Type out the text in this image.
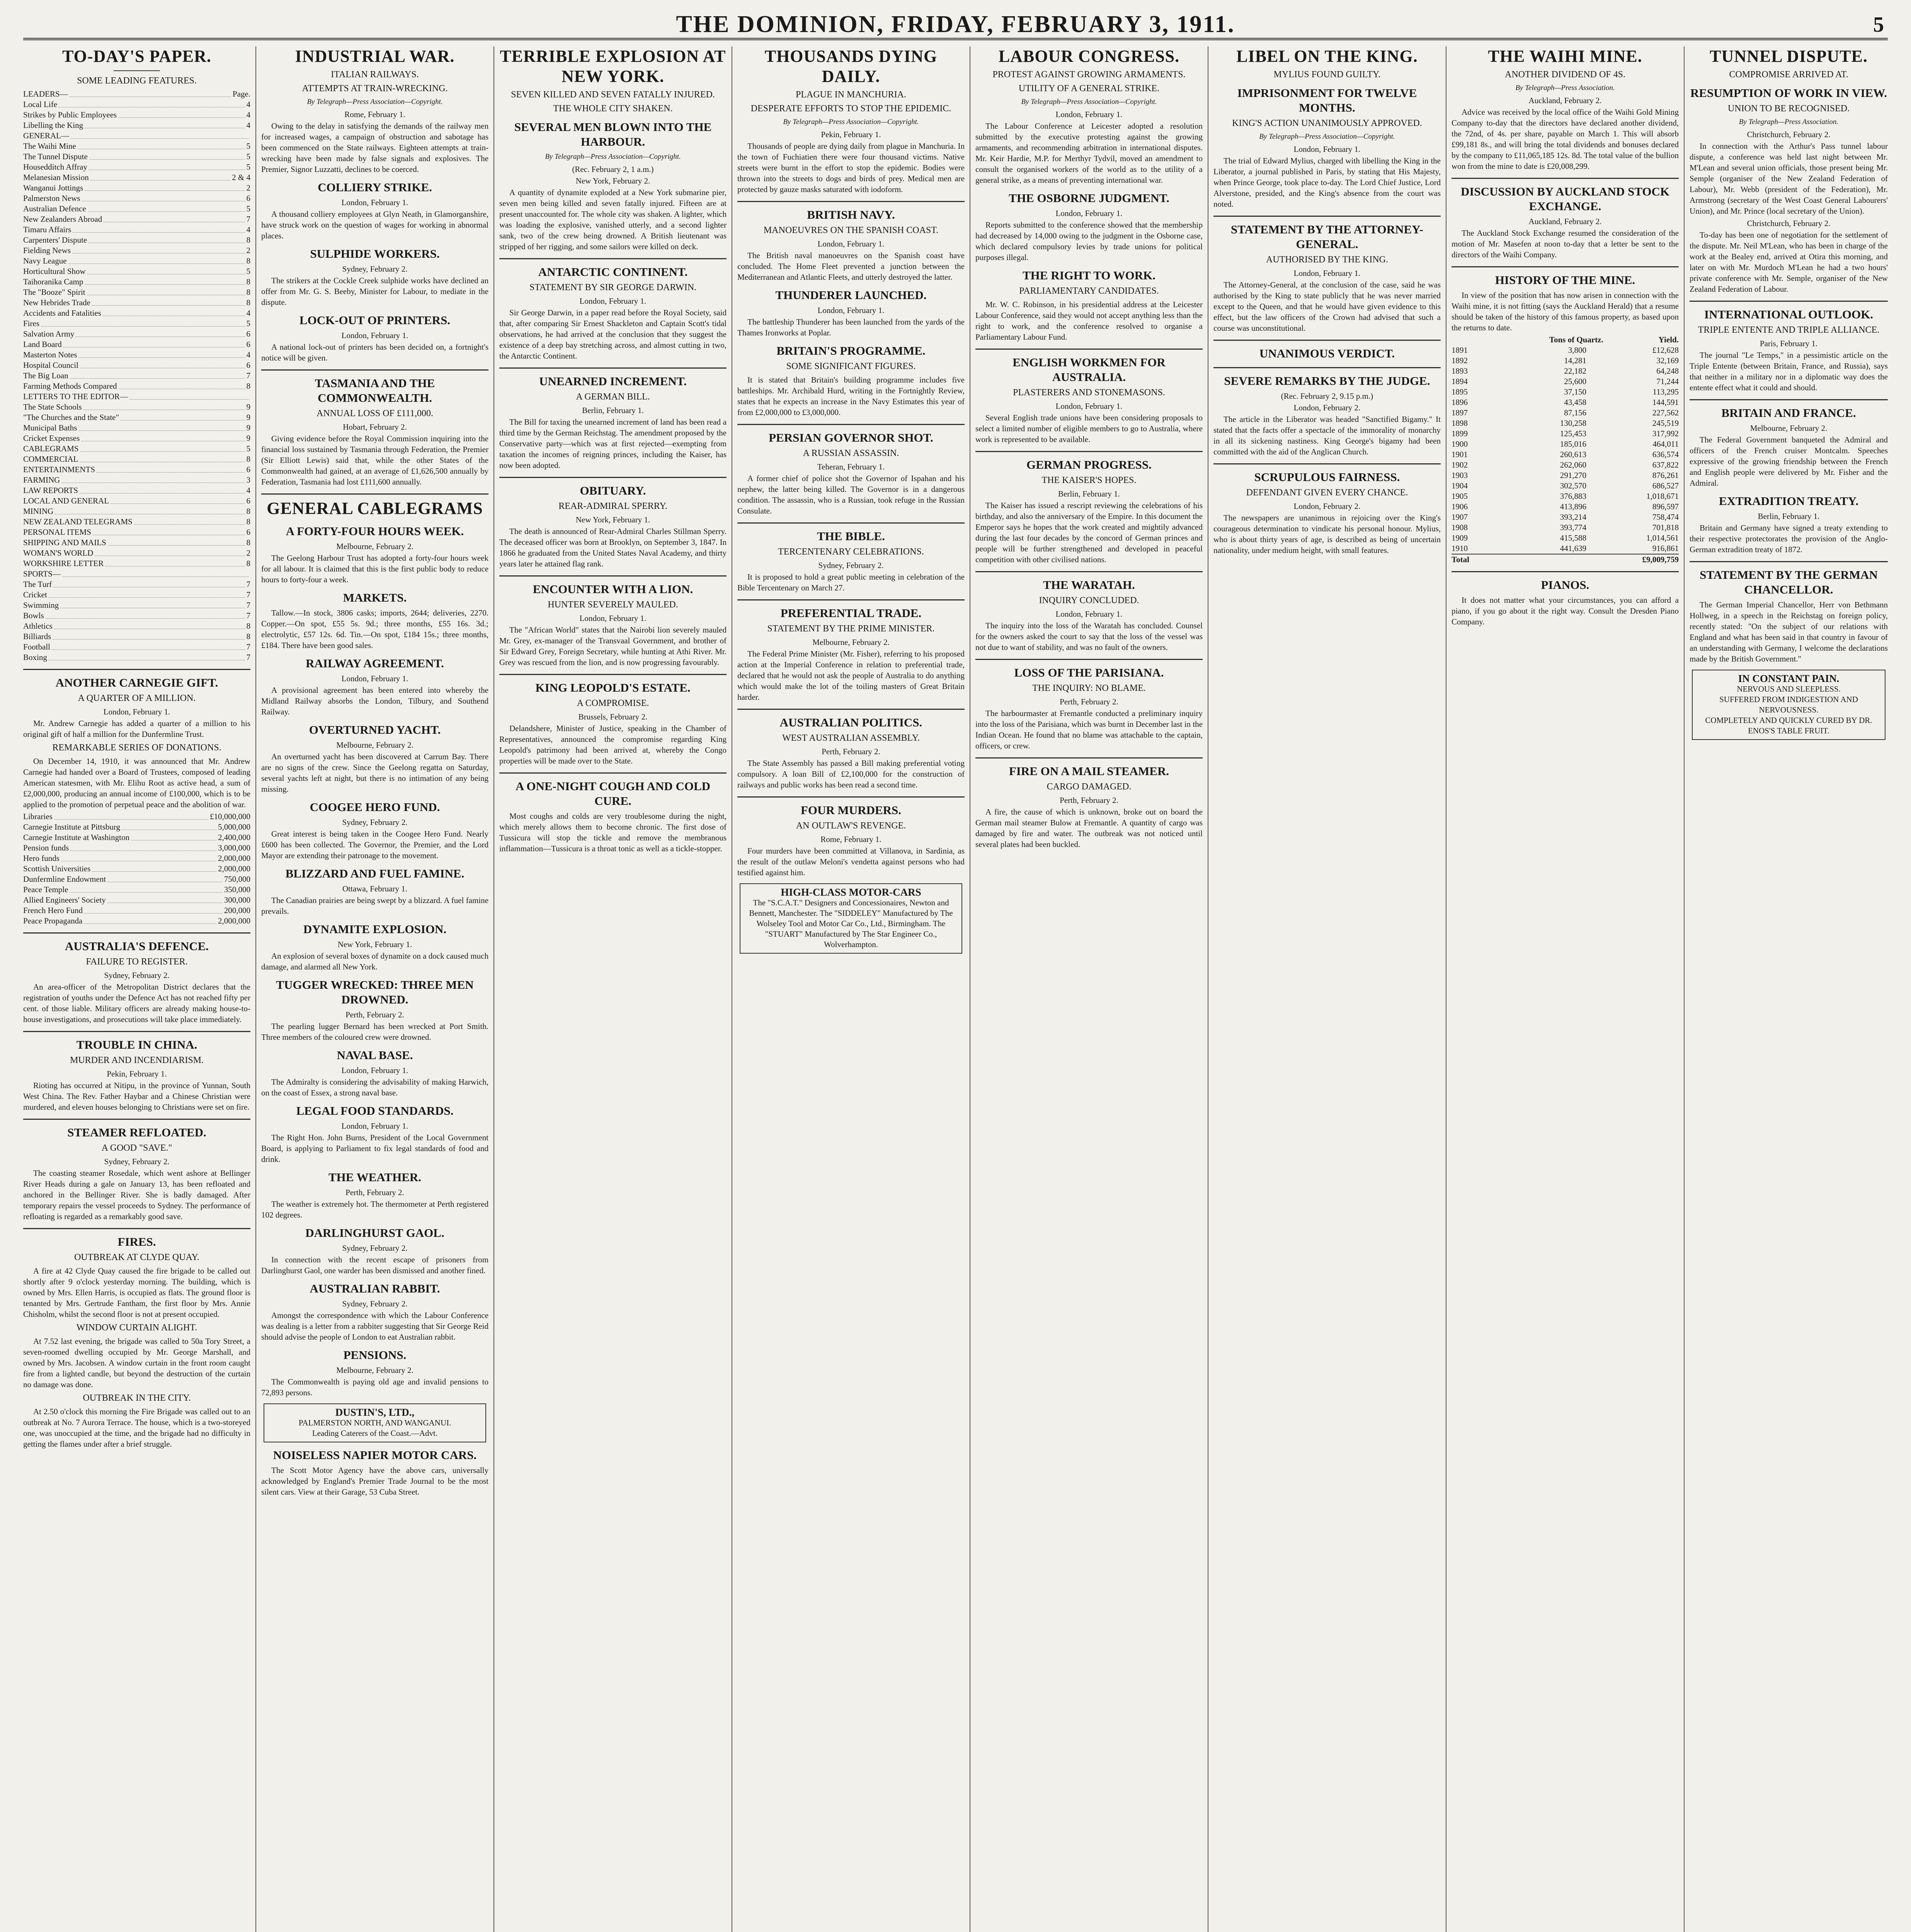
THE DOMINION, FRIDAY, FEBRUARY 3, 1911.	5
TO-DAY'S PAPER.
SOME LEADING FEATURES.
LEADERS—	Page.
Local Life	4
Strikes by Public Employees	4
Libelling the King	4
GENERAL—
The Waihi Mine	5
The Tunnel Dispute	5
Housedditch Affray	5
Melanesian Mission	2 & 4
Wanganui Jottings	2
Palmerston News	6
Australian Defence	5
New Zealanders Abroad	7
Timaru Affairs	4
Carpenters' Dispute	8
Fielding News	2
Navy League	8
Horticultural Show	5
Taihoranika Camp	8
The "Booze" Spirit	8
New Hebrides Trade	8
Accidents and Fatalities	4
Fires	5
Salvation Army	6
Land Board	6
Masterton Notes	4
Hospital Council	6
The Big Loan	7
Farming Methods Compared	8
LETTERS TO THE EDITOR—
The State Schools	9
"The Churches and the State"	9
Municipal Baths	9
Cricket Expenses	9
CABLEGRAMS	5
COMMERCIAL	8
ENTERTAINMENTS	6
FARMING	3
LAW REPORTS	4
LOCAL AND GENERAL	6
MINING	8
NEW ZEALAND TELEGRAMS	8
PERSONAL ITEMS	6
SHIPPING AND MAILS	8
WOMAN'S WORLD	2
WORKSHIRE LETTER	8
SPORTS—
The Turf	7
Cricket	7
Swimming	7
Bowls	7
Athletics	8
Billiards	8
Football	7
Boxing	7
ANOTHER CARNEGIE GIFT.
A QUARTER OF A MILLION.
London, February 1.
Mr. Andrew Carnegie has added a quarter of a million to his original gift of half a million for the Dunfermline Trust.
REMARKABLE SERIES OF DONATIONS.
On December 14, 1910, it was announced that Mr. Andrew Carnegie had handed over a Board of Trustees, composed of leading American statesmen, with Mr. Elihu Root as active head, a sum of £2,000,000, producing an annual income of £100,000, which is to be applied to the promotion of perpetual peace and the abolition of war.
Libraries	£10,000,000
Carnegie Institute at Pittsburg	5,000,000
Carnegie Institute at Washington	2,400,000
Pension funds	3,000,000
Hero funds	2,000,000
Scottish Universities	2,000,000
Dunfermline Endowment	750,000
Peace Temple	350,000
Allied Engineers' Society	300,000
French Hero Fund	200,000
Peace Propaganda	2,000,000
AUSTRALIA'S DEFENCE.
FAILURE TO REGISTER.
Sydney, February 2.
An area-officer of the Metropolitan District declares that the registration of youths under the Defence Act has not reached fifty per cent. of those liable. Military officers are already making house-to-house investigations, and prosecutions will take place immediately.
TROUBLE IN CHINA.
MURDER AND INCENDIARISM.
Pekin, February 1.
Rioting has occurred at Nitipu, in the province of Yunnan, South West China. The Rev. Father Haybar and a Chinese Christian were murdered, and eleven houses belonging to Christians were set on fire.
STEAMER REFLOATED.
A GOOD "SAVE."
Sydney, February 2.
The coasting steamer Rosedale, which went ashore at Bellinger River Heads during a gale on January 13, has been refloated and anchored in the Bellinger River. She is badly damaged. After temporary repairs the vessel proceeds to Sydney. The performance of refloating is regarded as a remarkably good save.
FIRES.
OUTBREAK AT CLYDE QUAY.
A fire at 42 Clyde Quay caused the fire brigade to be called out shortly after 9 o'clock yesterday morning. The building, which is owned by Mrs. Ellen Harris, is occupied as flats. The ground floor is tenanted by Mrs. Gertrude Fantham, the first floor by Mrs. Annie Chisholm, whilst the second floor is not at present occupied.
WINDOW CURTAIN ALIGHT.
At 7.52 last evening, the brigade was called to 50a Tory Street, a seven-roomed dwelling occupied by Mr. George Marshall, and owned by Mrs. Jacobsen. A window curtain in the front room caught fire from a lighted candle, but beyond the destruction of the curtain no damage was done.
OUTBREAK IN THE CITY.
At 2.50 o'clock this morning the Fire Brigade was called out to an outbreak at No. 7 Aurora Terrace. The house, which is a two-storeyed one, was unoccupied at the time, and the brigade had no difficulty in getting the flames under after a brief struggle.
INDUSTRIAL WAR.
ITALIAN RAILWAYS.
ATTEMPTS AT TRAIN-WRECKING.
By Telegraph—Press Association—Copyright.
Rome, February 1.
Owing to the delay in satisfying the demands of the railway men for increased wages, a campaign of obstruction and sabotage has been commenced on the State railways. Eighteen attempts at train-wrecking have been made by false signals and explosives. The Premier, Signor Luzzatti, declines to be coerced.
COLLIERY STRIKE.
London, February 1.
A thousand colliery employees at Glyn Neath, in Glamorganshire, have struck work on the question of wages for working in abnormal places.
SULPHIDE WORKERS.
Sydney, February 2.
The strikers at the Cockle Creek sulphide works have declined an offer from Mr. G. S. Beeby, Minister for Labour, to mediate in the dispute.
LOCK-OUT OF PRINTERS.
London, February 1.
A national lock-out of printers has been decided on, a fortnight's notice will be given.
TASMANIA AND THE COMMONWEALTH.
ANNUAL LOSS OF £111,000.
Hobart, February 2.
Giving evidence before the Royal Commission inquiring into the financial loss sustained by Tasmania through Federation, the Premier (Sir Elliott Lewis) said that, while the other States of the Commonwealth had gained, at an average of £1,626,500 annually by Federation, Tasmania had lost £111,600 annually.
GENERAL CABLEGRAMS
A FORTY-FOUR HOURS WEEK.
Melbourne, February 2.
The Geelong Harbour Trust has adopted a forty-four hours week for all labour. It is claimed that this is the first public body to reduce hours to forty-four a week.
MARKETS.
Tallow.—In stock, 3806 casks; imports, 2644; deliveries, 2270. Copper.—On spot, £55 5s. 9d.; three months, £55 16s. 3d.; electrolytic, £57 12s. 6d. Tin.—On spot, £184 15s.; three months, £184. There have been good sales.
RAILWAY AGREEMENT.
London, February 1.
A provisional agreement has been entered into whereby the Midland Railway absorbs the London, Tilbury, and Southend Railway.
OVERTURNED YACHT.
Melbourne, February 2.
An overturned yacht has been discovered at Carrum Bay. There are no signs of the crew. Since the Geelong regatta on Saturday, several yachts left at night, but there is no intimation of any being missing.
COOGEE HERO FUND.
Sydney, February 2.
Great interest is being taken in the Coogee Hero Fund. Nearly £600 has been collected. The Governor, the Premier, and the Lord Mayor are extending their patronage to the movement.
BLIZZARD AND FUEL FAMINE.
Ottawa, February 1.
The Canadian prairies are being swept by a blizzard. A fuel famine prevails.
DYNAMITE EXPLOSION.
New York, February 1.
An explosion of several boxes of dynamite on a dock caused much damage, and alarmed all New York.
TUGGER WRECKED: THREE MEN DROWNED.
Perth, February 2.
The pearling lugger Bernard has been wrecked at Port Smith. Three members of the coloured crew were drowned.
NAVAL BASE.
London, February 1.
The Admiralty is considering the advisability of making Harwich, on the coast of Essex, a strong naval base.
LEGAL FOOD STANDARDS.
London, February 1.
The Right Hon. John Burns, President of the Local Government Board, is applying to Parliament to fix legal standards of food and drink.
THE WEATHER.
Perth, February 2.
The weather is extremely hot. The thermometer at Perth registered 102 degrees.
DARLINGHURST GAOL.
Sydney, February 2.
In connection with the recent escape of prisoners from Darlinghurst Gaol, one warder has been dismissed and another fined.
AUSTRALIAN RABBIT.
Sydney, February 2.
Amongst the correspondence with which the Labour Conference was dealing is a letter from a rabbiter suggesting that Sir George Reid should advise the people of London to eat Australian rabbit.
PENSIONS.
Melbourne, February 2.
The Commonwealth is paying old age and invalid pensions to 72,893 persons.
DUSTIN'S, LTD.,
PALMERSTON NORTH, AND WANGANUI.
Leading Caterers of the Coast.—Advt.
NOISELESS NAPIER MOTOR CARS.
The Scott Motor Agency have the above cars, universally acknowledged by England's Premier Trade Journal to be the most silent cars. View at their Garage, 53 Cuba Street.
TERRIBLE EXPLOSION AT NEW YORK.
SEVEN KILLED AND SEVEN FATALLY INJURED.
THE WHOLE CITY SHAKEN.
SEVERAL MEN BLOWN INTO THE HARBOUR.
By Telegraph—Press Association—Copyright.
(Rec. February 2, 1 a.m.)
New York, February 2.
A quantity of dynamite exploded at a New York submarine pier, seven men being killed and seven fatally injured. Fifteen are at present unaccounted for. The whole city was shaken. A lighter, which was loading the explosive, vanished utterly, and a second lighter sank, two of the crew being drowned. A British lieutenant was stripped of her rigging, and some sailors were killed on deck.
ANTARCTIC CONTINENT.
STATEMENT BY SIR GEORGE DARWIN.
London, February 1.
Sir George Darwin, in a paper read before the Royal Society, said that, after comparing Sir Ernest Shackleton and Captain Scott's tidal observations, he had arrived at the conclusion that they suggest the existence of a deep bay stretching across, and almost cutting in two, the Antarctic Continent.
UNEARNED INCREMENT.
A GERMAN BILL.
Berlin, February 1.
The Bill for taxing the unearned increment of land has been read a third time by the German Reichstag. The amendment proposed by the Conservative party—which was at first rejected—exempting from taxation the incomes of reigning princes, including the Kaiser, has now been adopted.
OBITUARY.
REAR-ADMIRAL SPERRY.
New York, February 1.
The death is announced of Rear-Admiral Charles Stillman Sperry. The deceased officer was born at Brooklyn, on September 3, 1847. In 1866 he graduated from the United States Naval Academy, and thirty years later he attained flag rank.
ENCOUNTER WITH A LION.
HUNTER SEVERELY MAULED.
London, February 1.
The "African World" states that the Nairobi lion severely mauled Mr. Grey, ex-manager of the Transvaal Government, and brother of Sir Edward Grey, Foreign Secretary, while hunting at Athi River. Mr. Grey was rescued from the lion, and is now progressing favourably.
KING LEOPOLD'S ESTATE.
A COMPROMISE.
Brussels, February 2.
Delandshere, Minister of Justice, speaking in the Chamber of Representatives, announced the compromise regarding King Leopold's patrimony had been arrived at, whereby the Congo properties will be made over to the State.
A ONE-NIGHT COUGH AND COLD CURE.
Most coughs and colds are very troublesome during the night, which merely allows them to become chronic. The first dose of Tussicura will stop the tickle and remove the membranous inflammation—Tussicura is a throat tonic as well as a tickle-stopper.
THOUSANDS DYING DAILY.
PLAGUE IN MANCHURIA.
DESPERATE EFFORTS TO STOP THE EPIDEMIC.
By Telegraph—Press Association—Copyright.
Pekin, February 1.
Thousands of people are dying daily from plague in Manchuria. In the town of Fuchiatien there were four thousand victims. Native streets were burnt in the effort to stop the epidemic. Bodies were thrown into the streets to dogs and birds of prey. Medical men are protected by gauze masks saturated with iodoform.
BRITISH NAVY.
MANOEUVRES ON THE SPANISH COAST.
London, February 1.
The British naval manoeuvres on the Spanish coast have concluded. The Home Fleet prevented a junction between the Mediterranean and Atlantic Fleets, and utterly destroyed the latter.
THUNDERER LAUNCHED.
London, February 1.
The battleship Thunderer has been launched from the yards of the Thames Ironworks at Poplar.
BRITAIN'S PROGRAMME.
SOME SIGNIFICANT FIGURES.
It is stated that Britain's building programme includes five battleships. Mr. Archibald Hurd, writing in the Fortnightly Review, states that he expects an increase in the Navy Estimates this year of from £2,000,000 to £3,000,000.
PERSIAN GOVERNOR SHOT.
A RUSSIAN ASSASSIN.
Teheran, February 1.
A former chief of police shot the Governor of Ispahan and his nephew, the latter being killed. The Governor is in a dangerous condition. The assassin, who is a Russian, took refuge in the Russian Consulate.
THE BIBLE.
TERCENTENARY CELEBRATIONS.
Sydney, February 2.
It is proposed to hold a great public meeting in celebration of the Bible Tercentenary on March 27.
PREFERENTIAL TRADE.
STATEMENT BY THE PRIME MINISTER.
Melbourne, February 2.
The Federal Prime Minister (Mr. Fisher), referring to his proposed action at the Imperial Conference in relation to preferential trade, declared that he would not ask the people of Australia to do anything which would make the lot of the toiling masters of Great Britain harder.
AUSTRALIAN POLITICS.
WEST AUSTRALIAN ASSEMBLY.
Perth, February 2.
The State Assembly has passed a Bill making preferential voting compulsory. A loan Bill of £2,100,000 for the construction of railways and public works has been read a second time.
FOUR MURDERS.
AN OUTLAW'S REVENGE.
Rome, February 1.
Four murders have been committed at Villanova, in Sardinia, as the result of the outlaw Meloni's vendetta against persons who had testified against him.
HIGH-CLASS MOTOR-CARS
The "S.C.A.T." Designers and Concessionaires, Newton and Bennett, Manchester. The "SIDDELEY" Manufactured by The Wolseley Tool and Motor Car Co., Ltd., Birmingham. The "STUART" Manufactured by The Star Engineer Co., Wolverhampton.
LABOUR CONGRESS.
PROTEST AGAINST GROWING ARMAMENTS.
UTILITY OF A GENERAL STRIKE.
By Telegraph—Press Association—Copyright.
London, February 1.
The Labour Conference at Leicester adopted a resolution submitted by the executive protesting against the growing armaments, and recommending arbitration in international disputes. Mr. Keir Hardie, M.P. for Merthyr Tydvil, moved an amendment to consult the organised workers of the world as to the utility of a general strike, as a means of preventing international war.
THE OSBORNE JUDGMENT.
London, February 1.
Reports submitted to the conference showed that the membership had decreased by 14,000 owing to the judgment in the Osborne case, which declared compulsory levies by trade unions for political purposes illegal.
THE RIGHT TO WORK.
PARLIAMENTARY CANDIDATES.
Mr. W. C. Robinson, in his presidential address at the Leicester Labour Conference, said they would not accept anything less than the right to work, and the conference resolved to organise a Parliamentary Labour Fund.
ENGLISH WORKMEN FOR AUSTRALIA.
PLASTERERS AND STONEMASONS.
London, February 1.
Several English trade unions have been considering proposals to select a limited number of eligible members to go to Australia, where work is represented to be available.
GERMAN PROGRESS.
THE KAISER'S HOPES.
Berlin, February 1.
The Kaiser has issued a rescript reviewing the celebrations of his birthday, and also the anniversary of the Empire. In this document the Emperor says he hopes that the work created and mightily advanced during the last four decades by the concord of German princes and people will be further strengthened and developed in peaceful competition with other civilised nations.
THE WARATAH.
INQUIRY CONCLUDED.
London, February 1.
The inquiry into the loss of the Waratah has concluded. Counsel for the owners asked the court to say that the loss of the vessel was not due to want of stability, and was no fault of the owners.
LOSS OF THE PARISIANA.
THE INQUIRY: NO BLAME.
Perth, February 2.
The harbourmaster at Fremantle conducted a preliminary inquiry into the loss of the Parisiana, which was burnt in December last in the Indian Ocean. He found that no blame was attachable to the captain, officers, or crew.
FIRE ON A MAIL STEAMER.
CARGO DAMAGED.
Perth, February 2.
A fire, the cause of which is unknown, broke out on board the German mail steamer Bulow at Fremantle. A quantity of cargo was damaged by fire and water. The outbreak was not noticed until several plates had been buckled.
LIBEL ON THE KING.
MYLIUS FOUND GUILTY.
IMPRISONMENT FOR TWELVE MONTHS.
KING'S ACTION UNANIMOUSLY APPROVED.
By Telegraph—Press Association—Copyright.
London, February 1.
The trial of Edward Mylius, charged with libelling the King in the Liberator, a journal published in Paris, by stating that His Majesty, when Prince George, took place to-day. The Lord Chief Justice, Lord Alverstone, presided, and the King's absence from the court was noted.
STATEMENT BY THE ATTORNEY-GENERAL.
AUTHORISED BY THE KING.
London, February 1.
The Attorney-General, at the conclusion of the case, said he was authorised by the King to state publicly that he was never married except to the Queen, and that he would have given evidence to this effect, but the law officers of the Crown had advised that such a course was unconstitutional.
UNANIMOUS VERDICT.
SEVERE REMARKS BY THE JUDGE.
(Rec. February 2, 9.15 p.m.)
London, February 2.
The article in the Liberator was headed "Sanctified Bigamy." It stated that the facts offer a spectacle of the immorality of monarchy in all its sickening nastiness. King George's bigamy had been committed with the aid of the Anglican Church.
SCRUPULOUS FAIRNESS.
DEFENDANT GIVEN EVERY CHANCE.
London, February 2.
The newspapers are unanimous in rejoicing over the King's courageous determination to vindicate his personal honour. Mylius, who is about thirty years of age, is described as being of uncertain nationality, under medium height, with small features.
THE WAIHI MINE.
ANOTHER DIVIDEND OF 4S.
By Telegraph—Press Association.
Auckland, February 2.
Advice was received by the local office of the Waihi Gold Mining Company to-day that the directors have declared another dividend, the 72nd, of 4s. per share, payable on March 1. This will absorb £99,181 8s., and will bring the total dividends and bonuses declared by the company to £11,065,185 12s. 8d. The total value of the bullion won from the mine to date is £20,008,299.
DISCUSSION BY AUCKLAND STOCK EXCHANGE.
Auckland, February 2.
The Auckland Stock Exchange resumed the consideration of the motion of Mr. Masefen at noon to-day that a letter be sent to the directors of the Waihi Company.
HISTORY OF THE MINE.
In view of the position that has now arisen in connection with the Waihi mine, it is not fitting (says the Auckland Herald) that a resume should be taken of the history of this famous property, as based upon the returns to date.
Tons of Quartz.	Yield.
1891	3,800	£12,628
1892	14,281	32,169
1893	22,182	64,248
1894	25,600	71,244
1895	37,150	113,295
1896	43,458	144,591
1897	87,156	227,562
1898	130,258	245,519
1899	125,453	317,992
1900	185,016	464,011
1901	260,613	636,574
1902	262,060	637,822
1903	291,270	876,261
1904	302,570	686,527
1905	376,883	1,018,671
1906	413,896	896,597
1907	393,214	758,474
1908	393,774	701,818
1909	415,588	1,014,561
1910	441,639	916,861
Total	£9,009,759
PIANOS.
It does not matter what your circumstances, you can afford a piano, if you go about it the right way. Consult the Dresden Piano Company.
TUNNEL DISPUTE.
COMPROMISE ARRIVED AT.
RESUMPTION OF WORK IN VIEW.
UNION TO BE RECOGNISED.
By Telegraph—Press Association.
Christchurch, February 2.
In connection with the Arthur's Pass tunnel labour dispute, a conference was held last night between Mr. M'Lean and several union officials, those present being Mr. Semple (organiser of the New Zealand Federation of Labour), Mr. Webb (president of the Federation), Mr. Armstrong (secretary of the West Coast General Labourers' Union), and Mr. Prince (local secretary of the Union).
Christchurch, February 2.
To-day has been one of negotiation for the settlement of the dispute. Mr. Neil M'Lean, who has been in charge of the work at the Bealey end, arrived at Otira this morning, and later on with Mr. Murdoch M'Lean he had a two hours' private conference with Mr. Semple, organiser of the New Zealand Federation of Labour.
INTERNATIONAL OUTLOOK.
TRIPLE ENTENTE AND TRIPLE ALLIANCE.
Paris, February 1.
The journal "Le Temps," in a pessimistic article on the Triple Entente (between Britain, France, and Russia), says that neither in a military nor in a diplomatic way does the entente effect what it could and should.
BRITAIN AND FRANCE.
Melbourne, February 2.
The Federal Government banqueted the Admiral and officers of the French cruiser Montcalm. Speeches expressive of the growing friendship between the French and English people were delivered by Mr. Fisher and the Admiral.
EXTRADITION TREATY.
Berlin, February 1.
Britain and Germany have signed a treaty extending to their respective protectorates the provision of the Anglo-German extradition treaty of 1872.
STATEMENT BY THE GERMAN CHANCELLOR.
The German Imperial Chancellor, Herr von Bethmann Hollweg, in a speech in the Reichstag on foreign policy, recently stated: "On the subject of our relations with England and what has been said in that country in favour of an understanding with Germany, I welcome the declarations made by the British Government."
IN CONSTANT PAIN.
NERVOUS AND SLEEPLESS.
SUFFERED FROM INDIGESTION AND NERVOUSNESS.
COMPLETELY AND QUICKLY CURED BY DR. ENOS'S TABLE FRUIT.
